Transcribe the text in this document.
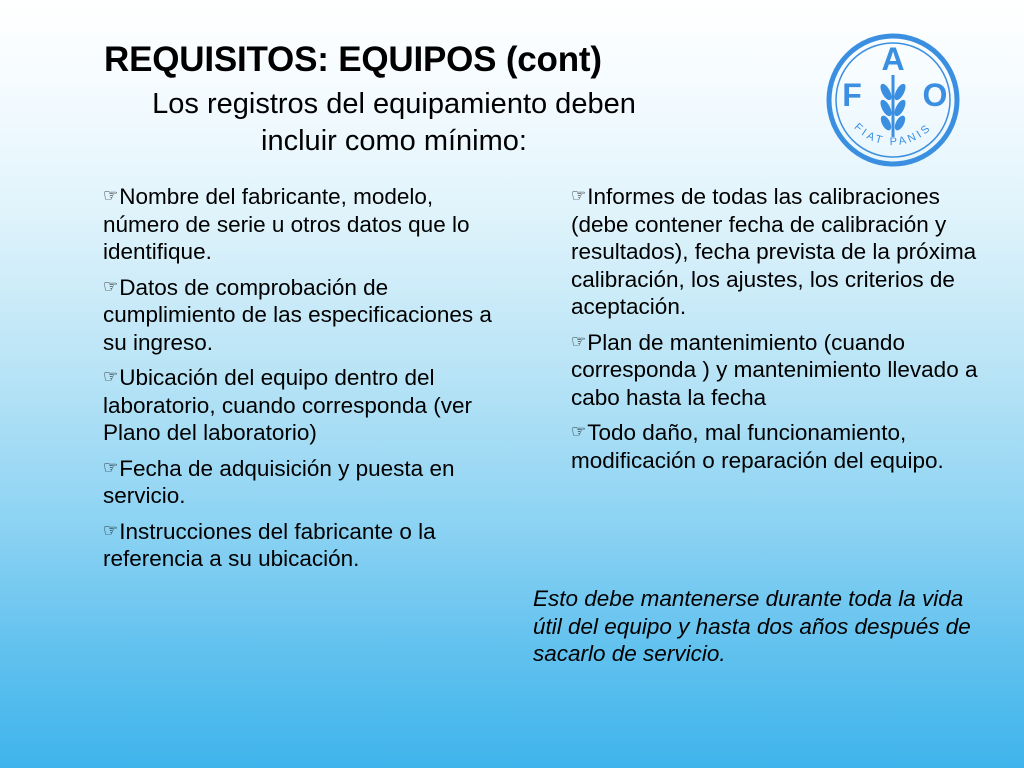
REQUISITOS: EQUIPOS (cont)

Los registros del equipamiento deben
incluir como mínimo:

F
A
O
FIAT PANIS

☞Nombre del fabricante, modelo, número de serie u otros datos que lo identifique.

☞Datos de comprobación de cumplimiento de las especificaciones a su ingreso.

☞Ubicación del equipo dentro del laboratorio, cuando corresponda (ver Plano del laboratorio)

☞Fecha de adquisición y puesta en servicio.

☞Instrucciones del fabricante o la referencia a su ubicación.

☞Informes de todas las calibraciones (debe contener fecha de calibración y resultados), fecha prevista de la próxima calibración, los ajustes, los criterios de aceptación.

☞Plan de mantenimiento (cuando corresponda ) y mantenimiento llevado a cabo hasta la fecha

☞Todo daño, mal funcionamiento, modificación o reparación del equipo.

Esto debe mantenerse durante toda la vida útil del equipo y hasta dos años después de sacarlo de servicio.
